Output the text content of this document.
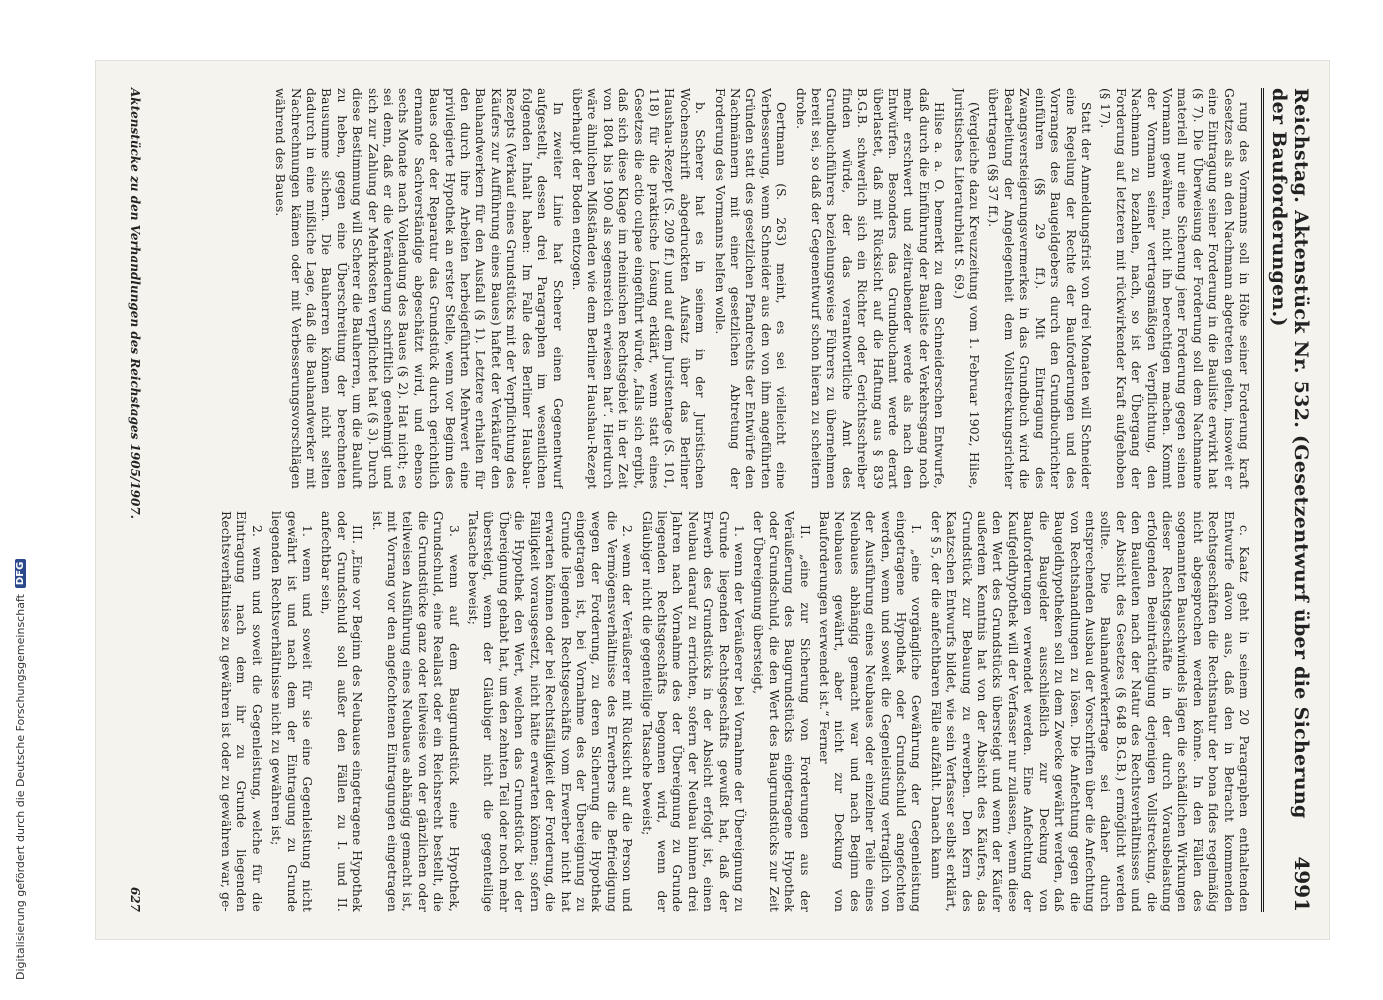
Reichstag. Aktenstück Nr. 532. (Gesetzentwurf über die Sicherung der Bauforderungen.)
4991

rung des Vormanns soll in Höhe seiner Forderung kraft Gesetzes als an den Nachmann abgetreten gelten, insoweit er eine Eintragung seiner Forderung in die Bauliste erwirkt hat (§ 7). Die Überweisung der Forderung soll dem Nachmanne materiell nur eine Sicherung jener Forderung gegen seinen Vormann gewähren, nicht ihn berechtigen machen. Kommt der Vormann seiner vertragsmäßigen Verpflichtung, den Nachmann zu bezahlen, nach, so ist der Übergang der Forderung auf letzteren mit rückwirkender Kraft aufgehoben (§ 17).

Statt der Anmeldungsfrist von drei Monaten will Schneider eine Regelung der Rechte der Bauforderungen und des Vorranges des Baugeldgebers durch den Grundbuchrichter einführen (§§ 29 ff.). Mit Eintragung des Zwangsversteigerungsvermerkes in das Grundbuch wird die Bearbeitung der Angelegenheit dem Vollstreckungsrichter übertragen (§§ 37 ff.).

(Vergleiche dazu Kreuzzeitung vom 1. Februar 1902, Hilse, Juristisches Literaturblatt S. 69.)

Hilse a. a. O. bemerkt zu dem Schneiderschen Entwurfe, daß durch die Einführung der Bauliste der Verkehrsgang noch mehr erschwert und zeitraubender werde als nach den Entwürfen. Besonders das Grundbuchamt werde derart überlastet, daß mit Rücksicht auf die Haftung aus § 839 B.G.B. schwerlich sich ein Richter oder Gerichtsschreiber finden würde, der das verantwortliche Amt des Grundbuchführers beziehungsweise Führers zu übernehmen bereit sei, so daß der Gegenentwurf schon hieran zu scheitern drohe.

Oertmann (S. 263) meint, es sei vielleicht eine Verbesserung, wenn Schneider aus den von ihm angeführten Gründen statt des gesetzlichen Pfandrechts der Entwürfe den Nachmännern mit einer gesetzlichen Abtretung der Forderung des Vormanns helfen wolle.

b. Scherer hat es in seinem in der Juristischen Wochenschrift abgedruckten Aufsatz über das Berliner Haushau-Rezept (S. 209 ff.) und auf dem Juristentage (S. 101, 118) für die praktische Lösung erklärt, wenn statt eines Gesetzes die actio culpae eingeführt würde, „falls sich ergibt, daß sich diese Klage im rheinischen Rechtsgebiet in der Zeit von 1804 bis 1900 als segensreich erwiesen hat“. Hierdurch wäre ähnlichen Mißständen wie dem Berliner Haushau-Rezept überhaupt der Boden entzogen.

In zweiter Linie hat Scherer einen Gegenentwurf aufgestellt, dessen drei Paragraphen im wesentlichen folgenden Inhalt haben: Im Falle des Berliner Hausbau-Rezepts (Verkauf eines Grundstücks mit der Verpflichtung des Käufers zur Aufführung eines Baues) haftet der Verkäufer den Bauhandwerkern für den Ausfall (§ 1). Letztere erhalten für den durch ihre Arbeiten herbeigeführten Mehrwert eine privilegierte Hypothek an erster Stelle, wenn vor Beginn des Baues oder der Reparatur das Grundstück durch gerichtlich ernannte Sachverständige abgeschätzt wird, und ebenso sechs Monate nach Vollendung des Baues (§ 2). Hat nicht; es sei denn, daß er die Veränderung schriftlich genehmigt und sich zur Zahlung der Mehrkosten verpflichtet hat (§ 3). Durch diese Bestimmung will Scherer die Bauherren, um die Bauluft zu heben, gegen eine Überschreitung der berechneten Bausumme sichern. Die Bauherren können nicht selten dadurch in eine mißliche Lage, daß die Bauhandwerker mit Nachrechnungen kämen oder mit Verbesserungsvorschlägen während des Baues.

c. Kaatz geht in seinem 20 Paragraphen enthaltenden Entwurfe davon aus, daß den in Betracht kommenden Rechtsgeschäften die Rechtsnatur der bona fides regelmäßig nicht abgesprochen werden könne. In den Fällen des sogenannten Bauschwindels lägen die schädlichen Wirkungen dieser Rechtsgeschäfte in der durch Vorausbelastung erfolgenden Beeinträchtigung derjenigen Vollstreckung, die den Bauleuten nach der Natur des Rechtsverhältnisses und der Absicht des Gesetzes (§ 648 B.G.B.) ermöglicht werden sollte. Die Bauhandwerkerfrage sei daher durch entsprechenden Ausbau der Vorschriften über die Anfechtung von Rechtshandlungen zu lösen. Die Anfechtung gegen die Baugeldhypotheken soll zu dem Zwecke gewährt werden, daß die Baugelder ausschließlich zur Deckung von Bauforderungen verwendet werden. Eine Anfechtung der Kaufgeldhypothek will der Verfasser nur zulassen, wenn diese den Wert des Grundstücks übersteigt und wenn der Käufer außerdem Kenntnis hat von der Absicht des Käufers, das Grundstück zur Bebauung zu erwerben. Den Kern des Kaatzschen Entwurfs bildet, wie sein Verfasser selbst erklärt, der § 5, der die anfechtbaren Fälle aufzählt. Danach kann

I. „eine vorgängliche Gewährung der Gegenleistung eingetragene Hypothek oder Grundschuld angefochten werden, wenn und soweit die Gegenleistung vertraglich von der Ausführung eines Neubaues oder einzelner Teile eines Neubaues abhängig gemacht war und nach Beginn des Neubaues gewährt, aber nicht zur Deckung von Bauforderungen verwendet ist.“ Ferner

II. „eine zur Sicherung von Forderungen aus der Veräußerung des Baugrundstücks eingetragene Hypothek oder Grundschuld, die den Wert des Baugrundstücks zur Zeit der Übereignung übersteigt,

1. wenn der Veräußerer bei Vornahme der Übereignung zu Grunde liegenden Rechtsgeschäfts gewußt hat, daß der Erwerb des Grundstücks in der Absicht erfolgt ist, einen Neubau darauf zu errichten, sofern der Neubau binnen drei Jahren nach Vornahme des der Übereignung zu Grunde liegenden Rechtsgeschäfts begonnen wird, wenn der Gläubiger nicht die gegenteilige Tatsache beweist;

2. wenn der Veräußerer mit Rücksicht auf die Person und die Vermögensverhältnisse des Erwerbers die Befriedigung wegen der Forderung, zu deren Sicherung die Hypothek eingetragen ist, bei Vornahme des der Übereignung zu Grunde liegenden Rechtsgeschäfts vom Erwerber nicht hat erwarten können oder bei Rechtsfälligkeit der Forderung, die Fälligkeit vorausgesetzt, nicht hätte erwarten können; sofern die Hypothek den Wert, welchen das Grundstück bei der Übereignung gehabt hat, um den zehnten Teil oder noch mehr übersteigt, wenn der Gläubiger nicht die gegenteilige Tatsache beweist;

3. wenn auf dem Baugrundstück eine Hypothek, Grundschuld, eine Reallast oder ein Reichsrecht bestellt, die die Grundstücke ganz oder teilweise von der gänzlichen oder teilweisen Ausführung eines Neubaues abhängig gemacht ist, mit Vorrang vor den angefochtenen Eintragungen eingetragen ist.

III. „Eine vor Beginn des Neubaues eingetragene Hypothek oder Grundschuld soll außer den Fällen zu I. und II. anfechtbar sein,

1. wenn und soweit für sie eine Gegenleistung nicht gewährt ist und nach dem der Eintragung zu Grunde liegenden Rechtsverhältnisse nicht zu gewähren ist;

2. wenn und soweit die Gegenleistung, welche für die Eintragung nach dem ihr zu Grunde liegenden Rechtsverhältnisse zu gewähren ist oder zu gewähren war, ge-

Aktenstücke zu den Verhandlungen des Reichstages 1905/1907.
627
Digitalisierung gefördert durch die Deutsche Forschungsgemeinschaft
DFG
